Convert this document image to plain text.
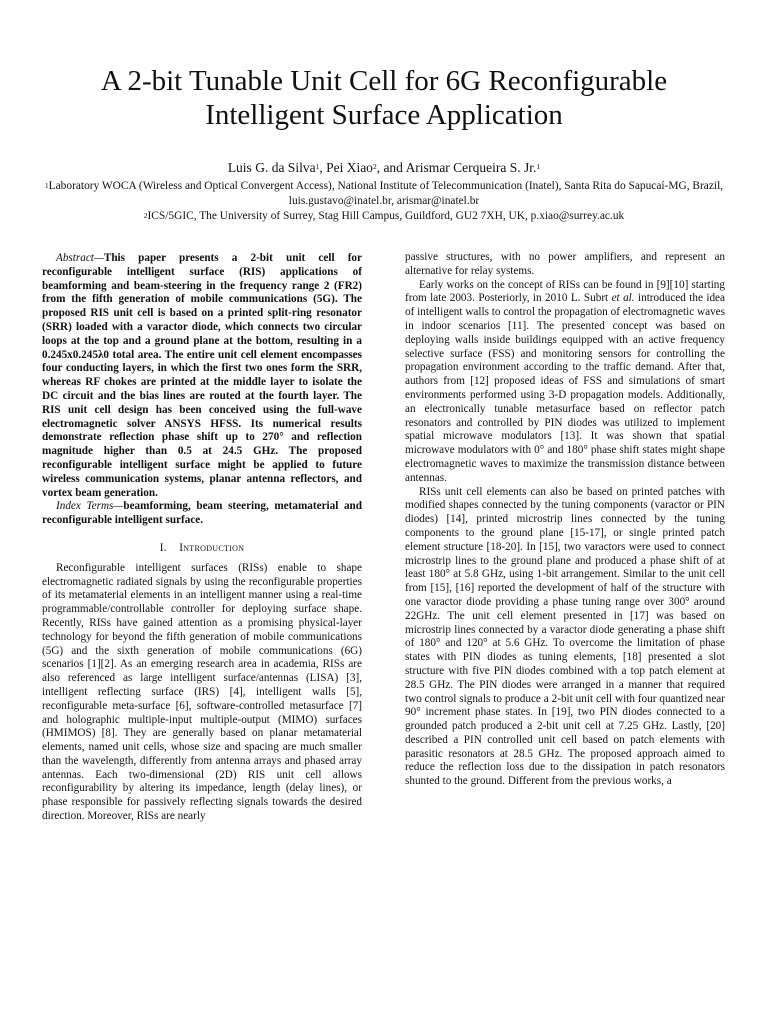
A 2-bit Tunable Unit Cell for 6G Reconfigurable Intelligent Surface Application
Luis G. da Silva$^1$, Pei Xiao$^2$, and Arismar Cerqueira S. Jr.$^1$
$^1$Laboratory WOCA (Wireless and Optical Convergent Access), National Institute of Telecommunication (Inatel), Santa Rita do Sapucaí-MG, Brazil, luis.gustavo@inatel.br, arismar@inatel.br
$^2$ICS/5GIC, The University of Surrey, Stag Hill Campus, Guildford, GU2 7XH, UK, p.xiao@surrey.ac.uk

Abstract—This paper presents a 2-bit unit cell for reconfigurable intelligent surface (RIS) applications of beamforming and beam-steering in the frequency range 2 (FR2) from the fifth generation of mobile communications (5G). The proposed RIS unit cell is based on a printed split-ring resonator (SRR) loaded with a varactor diode, which connects two circular loops at the top and a ground plane at the bottom, resulting in a 0.245x0.245λ0 total area. The entire unit cell element encompasses four conducting layers, in which the first two ones form the SRR, whereas RF chokes are printed at the middle layer to isolate the DC circuit and the bias lines are routed at the fourth layer. The RIS unit cell design has been conceived using the full-wave electromagnetic solver ANSYS HFSS. Its numerical results demonstrate reflection phase shift up to 270° and reflection magnitude higher than 0.5 at 24.5 GHz. The proposed reconfigurable intelligent surface might be applied to future wireless communication systems, planar antenna reflectors, and vortex beam generation.

Index Terms—beamforming, beam steering, metamaterial and reconfigurable intelligent surface.

I. Introduction

Reconfigurable intelligent surfaces (RISs) enable to shape electromagnetic radiated signals by using the reconfigurable properties of its metamaterial elements in an intelligent manner using a real-time programmable/controllable controller for deploying surface shape. Recently, RISs have gained attention as a promising physical-layer technology for beyond the fifth generation of mobile communications (5G) and the sixth generation of mobile communications (6G) scenarios [1][2]. As an emerging research area in academia, RISs are also referenced as large intelligent surface/antennas (LISA) [3], intelligent reflecting surface (IRS) [4], intelligent walls [5], reconfigurable meta-surface [6], software-controlled metasurface [7] and holographic multiple-input multiple-output (MIMO) surfaces (HMIMOS) [8]. They are generally based on planar metamaterial elements, named unit cells, whose size and spacing are much smaller than the wavelength, differently from antenna arrays and phased array antennas. Each two-dimensional (2D) RIS unit cell allows reconfigurability by altering its impedance, length (delay lines), or phase responsible for passively reflecting signals towards the desired direction. Moreover, RISs are nearly

passive structures, with no power amplifiers, and represent an alternative for relay systems.

Early works on the concept of RISs can be found in [9][10] starting from late 2003. Posteriorly, in 2010 L. Subrt et al. introduced the idea of intelligent walls to control the propagation of electromagnetic waves in indoor scenarios [11]. The presented concept was based on deploying walls inside buildings equipped with an active frequency selective surface (FSS) and monitoring sensors for controlling the propagation environment according to the traffic demand. After that, authors from [12] proposed ideas of FSS and simulations of smart environments performed using 3-D propagation models. Additionally, an electronically tunable metasurface based on reflector patch resonators and controlled by PIN diodes was utilized to implement spatial microwave modulators [13]. It was shown that spatial microwave modulators with 0° and 180° phase shift states might shape electromagnetic waves to maximize the transmission distance between antennas.

RISs unit cell elements can also be based on printed patches with modified shapes connected by the tuning components (varactor or PIN diodes) [14], printed microstrip lines connected by the tuning components to the ground plane [15-17], or single printed patch element structure [18-20]. In [15], two varactors were used to connect microstrip lines to the ground plane and produced a phase shift of at least 180° at 5.8 GHz, using 1-bit arrangement. Similar to the unit cell from [15], [16] reported the development of half of the structure with one varactor diode providing a phase tuning range over 300° around 22GHz. The unit cell element presented in [17] was based on microstrip lines connected by a varactor diode generating a phase shift of 180° and 120° at 5.6 GHz. To overcome the limitation of phase states with PIN diodes as tuning elements, [18] presented a slot structure with five PIN diodes combined with a top patch element at 28.5 GHz. The PIN diodes were arranged in a manner that required two control signals to produce a 2-bit unit cell with four quantized near 90° increment phase states. In [19], two PIN diodes connected to a grounded patch produced a 2-bit unit cell at 7.25 GHz. Lastly, [20] described a PIN controlled unit cell based on patch elements with parasitic resonators at 28.5 GHz. The proposed approach aimed to reduce the reflection loss due to the dissipation in patch resonators shunted to the ground. Different from the previous works, a
